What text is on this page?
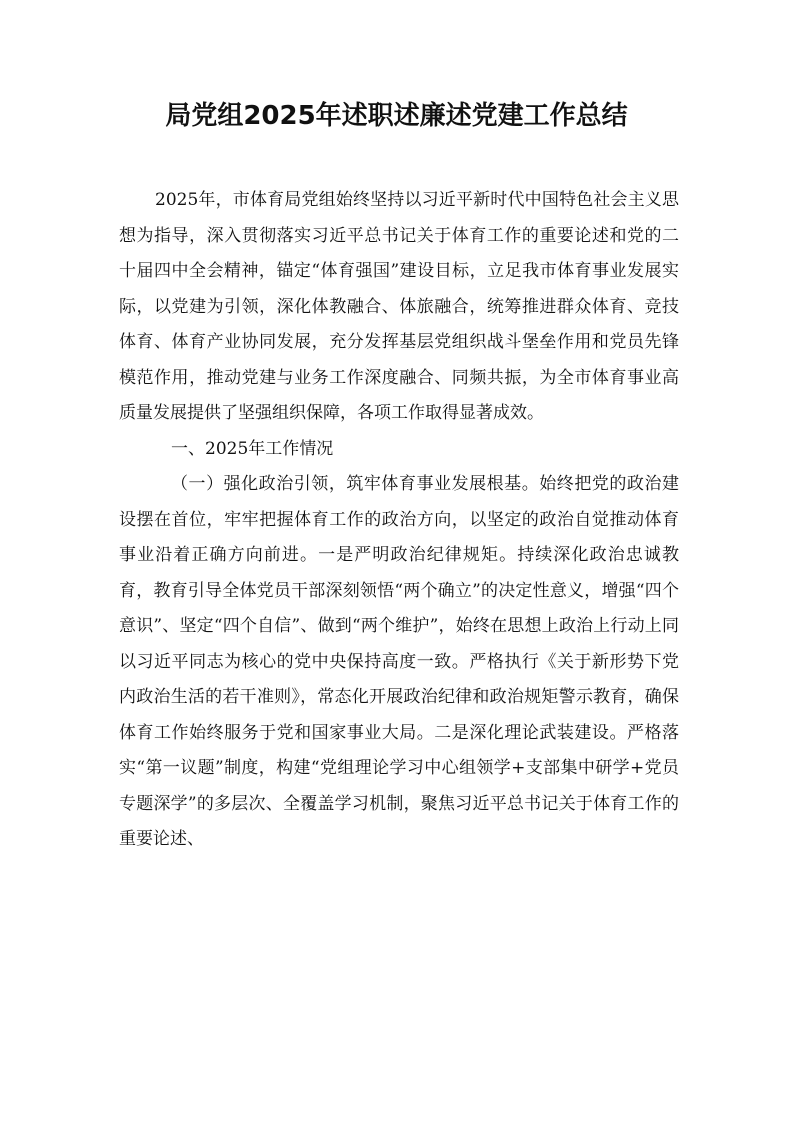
局党组2025年述职述廉述党建工作总结

2025年，市体育局党组始终坚持以习近平新时代中国特色社会主义思想为指导，深入贯彻落实习近平总书记关于体育工作的重要论述和党的二十届四中全会精神，锚定“体育强国”建设目标，立足我市体育事业发展实际，以党建为引领，深化体教融合、体旅融合，统筹推进群众体育、竞技体育、体育产业协同发展，充分发挥基层党组织战斗堡垒作用和党员先锋模范作用，推动党建与业务工作深度融合、同频共振，为全市体育事业高质量发展提供了坚强组织保障，各项工作取得显著成效。

一、2025年工作情况

（一）强化政治引领，筑牢体育事业发展根基。始终把党的政治建设摆在首位，牢牢把握体育工作的政治方向，以坚定的政治自觉推动体育事业沿着正确方向前进。一是严明政治纪律规矩。持续深化政治忠诚教育，教育引导全体党员干部深刻领悟“两个确立”的决定性意义，增强“四个意识”、坚定“四个自信”、做到“两个维护”，始终在思想上政治上行动上同以习近平同志为核心的党中央保持高度一致。严格执行《关于新形势下党内政治生活的若干准则》，常态化开展政治纪律和政治规矩警示教育，确保体育工作始终服务于党和国家事业大局。二是深化理论武装建设。严格落实“第一议题”制度，构建“党组理论学习中心组领学+支部集中研学+党员专题深学”的多层次、全覆盖学习机制，聚焦习近平总书记关于体育工作的重要论述、
